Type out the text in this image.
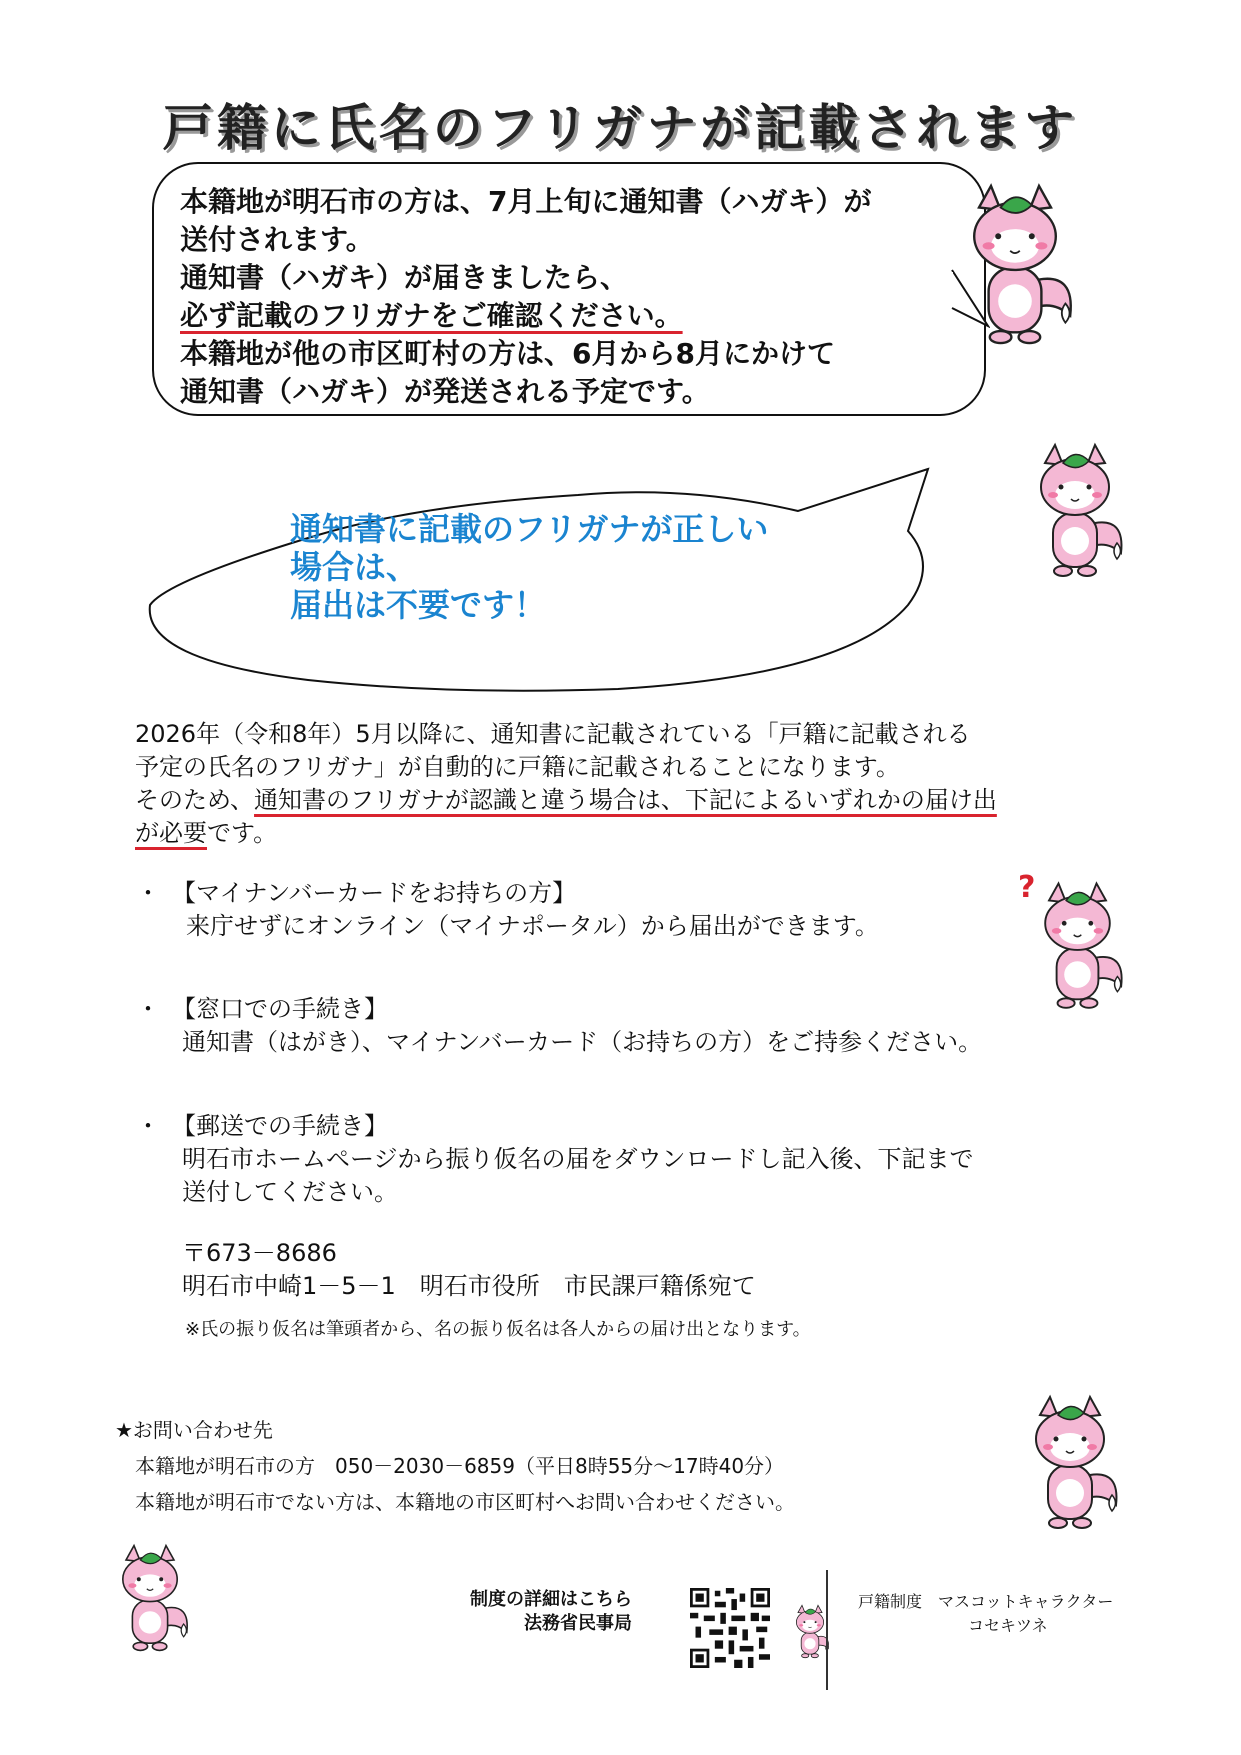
戸籍に氏名のフリガナが記載されます
本籍地が明石市の方は、7月上旬に通知書（ハガキ）が
送付されます。
通知書（ハガキ）が届きましたら、
必ず記載のフリガナをご確認ください。
本籍地が他の市区町村の方は、6月から8月にかけて
通知書（ハガキ）が発送される予定です。
通知書に記載のフリガナが正しい
場合は、
届出は不要です！
2026年（令和8年）5月以降に、通知書に記載されている「戸籍に記載される
予定の氏名のフリガナ」が自動的に戸籍に記載されることになります。
そのため、通知書のフリガナが認識と違う場合は、下記によるいずれかの届け出
が必要です。
・ 【マイナンバーカードをお持ちの方】
来庁せずにオンライン（マイナポータル）から届出ができます。
・ 【窓口での手続き】
通知書（はがき）、マイナンバーカード（お持ちの方）をご持参ください。
・ 【郵送での手続き】
明石市ホームページから振り仮名の届をダウンロードし記入後、下記まで
送付してください。
〒673－8686
明石市中崎1－5－1　明石市役所　市民課戸籍係宛て
※氏の振り仮名は筆頭者から、名の振り仮名は各人からの届け出となります。
★お問い合わせ先
本籍地が明石市の方　050－2030－6859（平日8時55分～17時40分）
本籍地が明石市でない方は、本籍地の市区町村へお問い合わせください。
制度の詳細はこちら
法務省民事局
戸籍制度　マスコットキャラクター
コセキツネ
?
